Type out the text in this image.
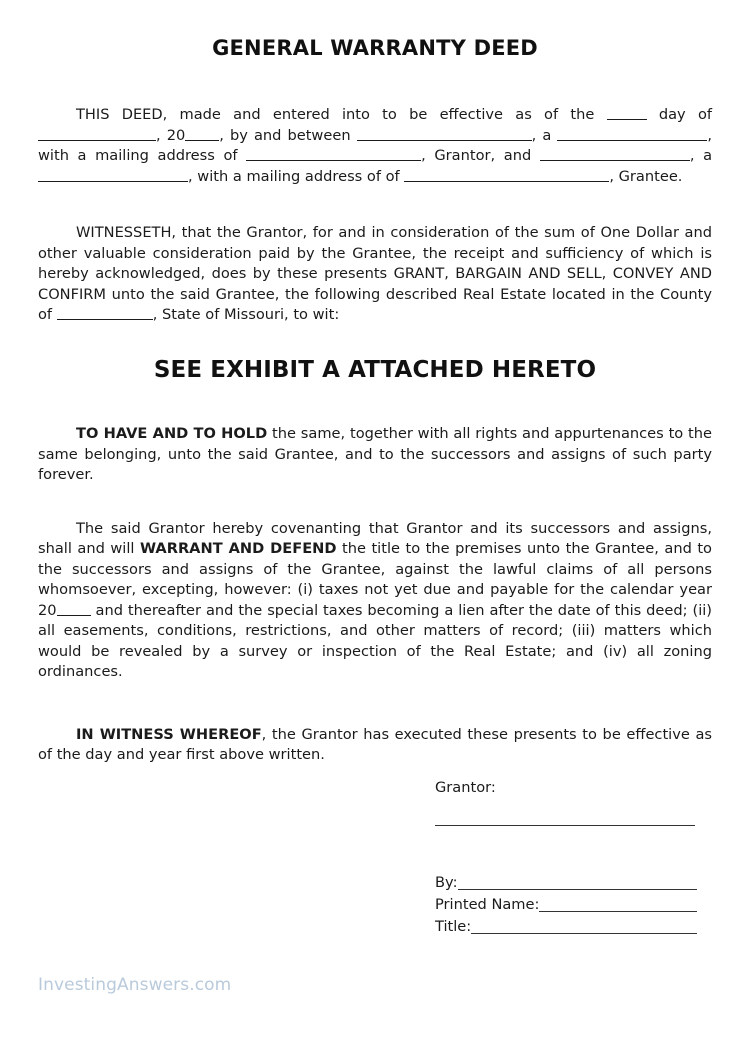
GENERAL WARRANTY DEED

THIS DEED, made and entered into to be effective as of the	day of , 20 , by and between	, a	, with a mailing address of	, Grantor, and	, a , with a mailing address of of	, Grantee.

WITNESSETH, that the Grantor, for and in consideration of the sum of One Dollar and other valuable consideration paid by the Grantee, the receipt and sufficiency of which is hereby acknowledged, does by these presents GRANT, BARGAIN AND SELL, CONVEY AND CONFIRM unto the said Grantee, the following described Real Estate located in the County of	, State of Missouri, to wit:

SEE EXHIBIT A ATTACHED HERETO

TO HAVE AND TO HOLD the same, together with all rights and appurtenances to the same belonging, unto the said Grantee, and to the successors and assigns of such party forever.

The said Grantor hereby covenanting that Grantor and its successors and assigns, shall and will WARRANT AND DEFEND the title to the premises unto the Grantee, and to the successors and assigns of the Grantee, against the lawful claims of all persons whomsoever, excepting, however: (i) taxes not yet due and payable for the calendar year 20 and thereafter and the special taxes becoming a lien after the date of this deed; (ii) all easements, conditions, restrictions, and other matters of record; (iii) matters which would be revealed by a survey or inspection of the Real Estate; and (iv) all zoning ordinances.

IN WITNESS WHEREOF, the Grantor has executed these presents to be effective as of the day and year first above written.

Grantor:
By:
Printed Name:
Title:
InvestingAnswers.com
